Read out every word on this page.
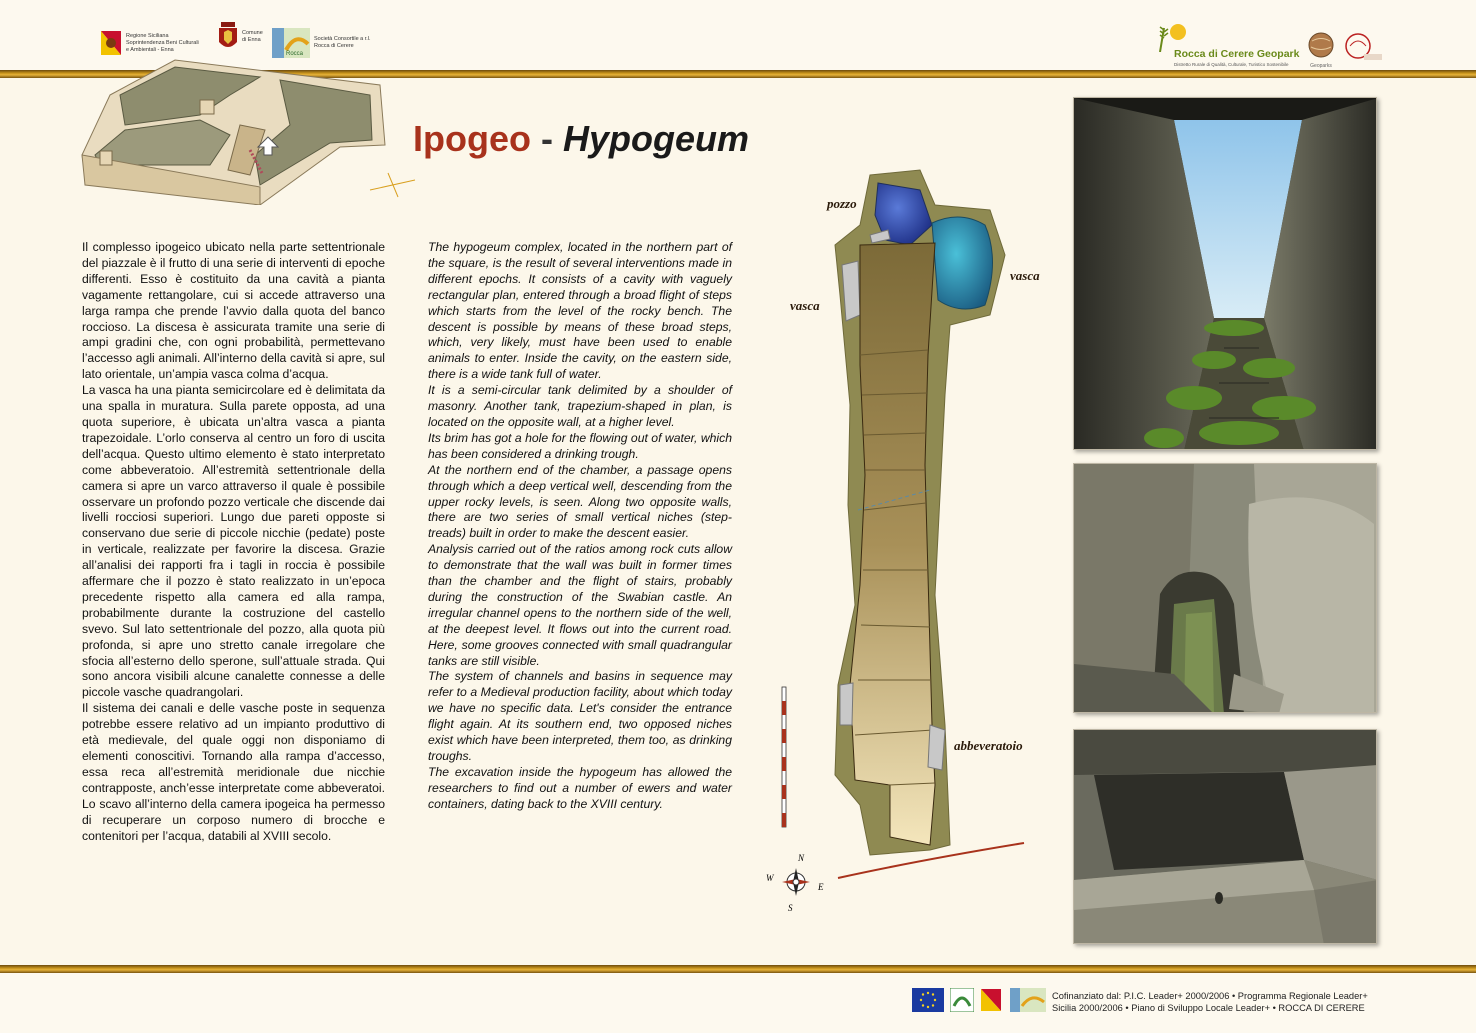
Regione Siciliana
Soprintendenza Beni Culturali
e Ambientali - Enna
Comune
di Enna
Rocca
Società Consortile a r.l.
Rocca di Cerere
Rocca di Cerere Geopark
Distretto Rurale di Qualità, Culturale, Turistico Sostenibile	Geoparks
Ipogeo - Hypogeum

Il complesso ipogeico ubicato nella parte settentrionale del piazzale è il frutto di una serie di interventi di epoche differenti. Esso è costituito da una cavità a pianta vagamente rettangolare, cui si accede attraverso una larga rampa che prende l’avvio dalla quota del banco roccioso. La discesa è assicurata tramite una serie di ampi gradini che, con ogni probabilità, permettevano l’accesso agli animali. All’interno della cavità si apre, sul lato orientale, un’ampia vasca colma d’acqua.

La vasca ha una pianta semicircolare ed è delimitata da una spalla in muratura. Sulla parete opposta, ad una quota superiore, è ubicata un’altra vasca a pianta trapezoidale. L’orlo conserva al centro un foro di uscita dell’acqua. Questo ultimo elemento è stato interpretato come abbeveratoio. All’estremità settentrionale della camera si apre un varco attraverso il quale è possibile osservare un profondo pozzo verticale che discende dai livelli rocciosi superiori. Lungo due pareti opposte si conservano due serie di piccole nicchie (pedate) poste in verticale, realizzate per favorire la discesa. Grazie all’analisi dei rapporti fra i tagli in roccia è possibile affermare che il pozzo è stato realizzato in un’epoca precedente rispetto alla camera ed alla rampa, probabilmente durante la costruzione del castello svevo. Sul lato settentrionale del pozzo, alla quota più profonda, si apre uno stretto canale irregolare che sfocia all’esterno dello sperone, sull’attuale strada. Qui sono ancora visibili alcune canalette connesse a delle piccole vasche quadrangolari.

Il sistema dei canali e delle vasche poste in sequenza potrebbe essere relativo ad un impianto produttivo di età medievale, del quale oggi non disponiamo di elementi conoscitivi. Tornando alla rampa d’accesso, essa reca all’estremità meridionale due nicchie contrapposte, anch’esse interpretate come abbeveratoi. Lo scavo all’interno della camera ipogeica ha permesso di recuperare un corposo numero di brocche e contenitori per l’acqua, databili al XVIII secolo.

The hypogeum complex, located in the northern part of the square, is the result of several interventions made in different epochs. It consists of a cavity with vaguely rectangular plan, entered through a broad flight of steps which starts from the level of the rocky bench. The descent is possible by means of these broad steps, which, very likely, must have been used to enable animals to enter. Inside the cavity, on the eastern side, there is a wide tank full of water.

It is a semi-circular tank delimited by a shoulder of masonry. Another tank, trapezium-shaped in plan, is located on the opposite wall, at a higher level.

Its brim has got a hole for the flowing out of water, which has been considered a drinking trough.

At the northern end of the chamber, a passage opens through which a deep vertical well, descending from the upper rocky levels, is seen. Along two opposite walls, there are two series of small vertical niches (step-treads) built in order to make the descent easier.

Analysis carried out of the ratios among rock cuts allow to demonstrate that the wall was built in former times than the chamber and the flight of stairs, probably during the construction of the Swabian castle. An irregular channel opens to the northern side of the well, at the deepest level. It flows out into the current road. Here, some grooves connected with small quadrangular tanks are still visible.

The system of channels and basins in sequence may refer to a Medieval production facility, about which today we have no specific data. Let's consider the entrance flight again. At its southern end, two opposed niches exist which have been interpreted, them too, as drinking troughs.

The excavation inside the hypogeum has allowed the researchers to find out a number of ewers and water containers, dating back to the XVIII century.

N
S
E
W
pozzo
vasca
vasca
abbeveratoio
Cofinanziato dal: P.I.C. Leader+ 2000/2006 • Programma Regionale Leader+
Sicilia 2000/2006 • Piano di Sviluppo Locale Leader+ • ROCCA DI CERERE
